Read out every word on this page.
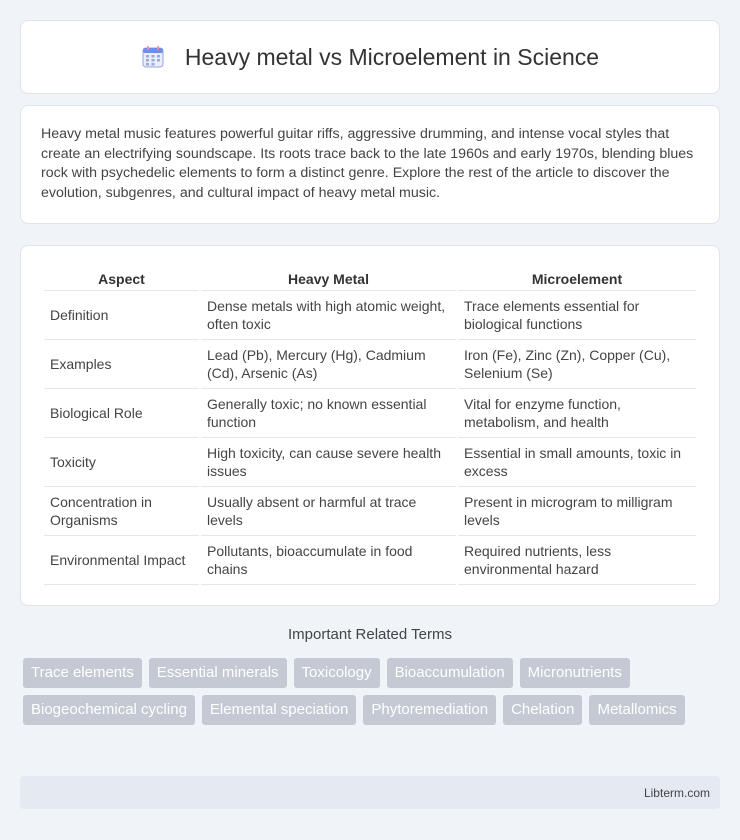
Heavy metal vs Microelement in Science

Heavy metal music features powerful guitar riffs, aggressive drumming, and intense vocal styles that create an electrifying soundscape. Its roots trace back to the late 1960s and early 1970s, blending blues rock with psychedelic elements to form a distinct genre. Explore the rest of the article to discover the evolution, subgenres, and cultural impact of heavy metal music.

Aspect	Heavy Metal	Microelement
Definition	Dense metals with high atomic weight, often toxic	Trace elements essential for biological functions
Examples	Lead (Pb), Mercury (Hg), Cadmium (Cd), Arsenic (As)	Iron (Fe), Zinc (Zn), Copper (Cu), Selenium (Se)
Biological Role	Generally toxic; no known essential function	Vital for enzyme function, metabolism, and health
Toxicity	High toxicity, can cause severe health issues	Essential in small amounts, toxic in excess
Concentration in Organisms	Usually absent or harmful at trace levels	Present in microgram to milligram levels
Environmental Impact	Pollutants, bioaccumulate in food chains	Required nutrients, less environmental hazard
Important Related Terms
Trace elements	Essential minerals	Toxicology	Bioaccumulation	Micronutrients
Biogeochemical cycling	Elemental speciation	Phytoremediation	Chelation	Metallomics
Libterm.com
